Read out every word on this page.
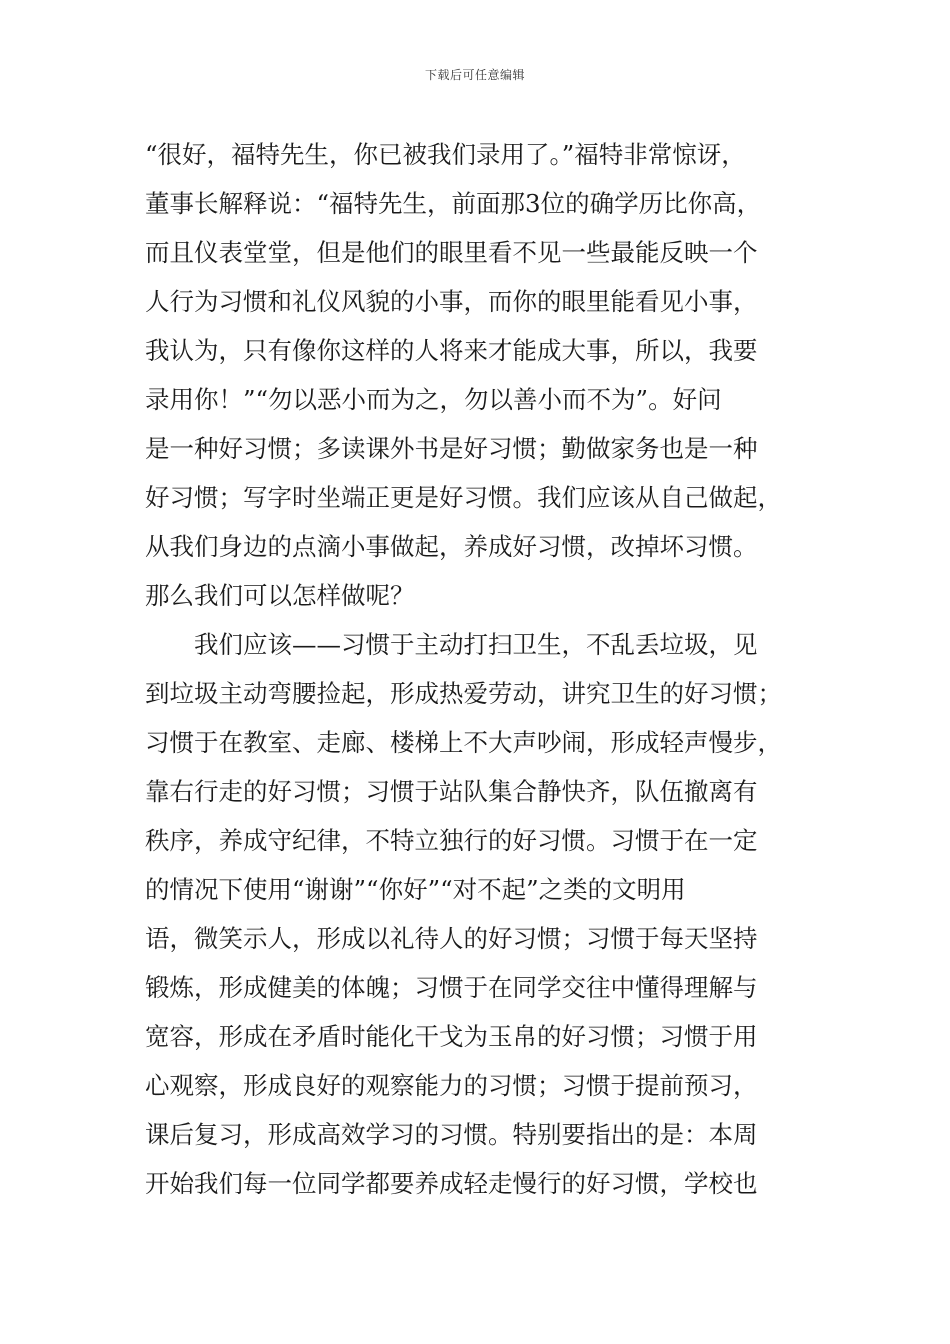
下载后可任意编辑
“很好，福特先生，你已被我们录用了。”福特非常惊讶，
董事长解释说：“福特先生，前面那3位的确学历比你高，
而且仪表堂堂，但是他们的眼里看不见一些最能反映一个
人行为习惯和礼仪风貌的小事，而你的眼里能看见小事，
我认为，只有像你这样的人将来才能成大事，所以，我要
录用你！”“勿以恶小而为之，勿以善小而不为”。好问
是一种好习惯；多读课外书是好习惯；勤做家务也是一种
好习惯；写字时坐端正更是好习惯。我们应该从自己做起，
从我们身边的点滴小事做起，养成好习惯，改掉坏习惯。
那么我们可以怎样做呢？
我们应该——习惯于主动打扫卫生，不乱丢垃圾，见
到垃圾主动弯腰捡起，形成热爱劳动，讲究卫生的好习惯；
习惯于在教室、走廊、楼梯上不大声吵闹，形成轻声慢步，
靠右行走的好习惯；习惯于站队集合静快齐，队伍撤离有
秩序，养成守纪律，不特立独行的好习惯。习惯于在一定
的情况下使用“谢谢”“你好”“对不起”之类的文明用
语，微笑示人，形成以礼待人的好习惯；习惯于每天坚持
锻炼，形成健美的体魄；习惯于在同学交往中懂得理解与
宽容，形成在矛盾时能化干戈为玉帛的好习惯；习惯于用
心观察，形成良好的观察能力的习惯；习惯于提前预习，
课后复习，形成高效学习的习惯。特别要指出的是：本周
开始我们每一位同学都要养成轻走慢行的好习惯，学校也
